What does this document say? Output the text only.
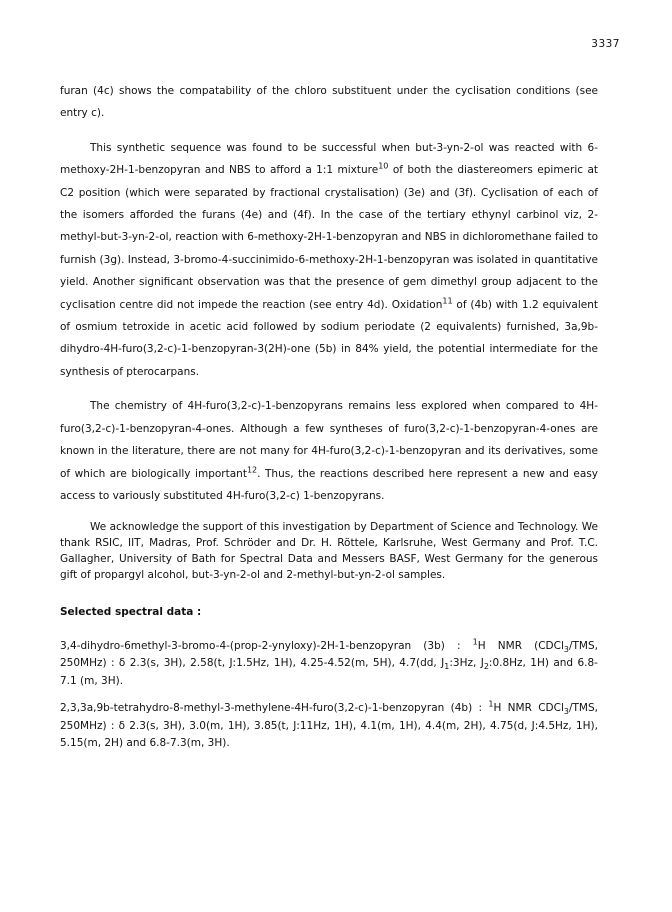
3337

furan (4c) shows the compatability of the chloro substituent under the cyclisation conditions (see entry c).

This synthetic sequence was found to be successful when but-3-yn-2-ol was reacted with 6-methoxy-2H-1-benzopyran and NBS to afford a 1:1 mixture$^{10}$ of both the diastereomers epimeric at C2 position (which were separated by fractional crystalisation) (3e) and (3f). Cyclisation of each of the isomers afforded the furans (4e) and (4f). In the case of the tertiary ethynyl carbinol viz, 2-methyl-but-3-yn-2-ol, reaction with 6-methoxy-2H-1-benzopyran and NBS in dichloromethane failed to furnish (3g). Instead, 3-bromo-4-succinimido-6-methoxy-2H-1-benzopyran was isolated in quantitative yield. Another significant observation was that the presence of gem dimethyl group adjacent to the cyclisation centre did not impede the reaction (see entry 4d). Oxidation$^{11}$ of (4b) with 1.2 equivalent of osmium tetroxide in acetic acid followed by sodium periodate (2 equivalents) furnished, 3a,9b-dihydro-4H-furo(3,2-c)-1-benzopyran-3(2H)-one (5b) in 84% yield, the potential intermediate for the synthesis of pterocarpans.

The chemistry of 4H-furo(3,2-c)-1-benzopyrans remains less explored when compared to 4H-furo(3,2-c)-1-benzopyran-4-ones. Although a few syntheses of furo(3,2-c)-1-benzopyran-4-ones are known in the literature, there are not many for 4H-furo(3,2-c)-1-benzopyran and its derivatives, some of which are biologically important$^{12}$. Thus, the reactions described here represent a new and easy access to variously substituted 4H-furo(3,2-c) 1-benzopyrans.

We acknowledge the support of this investigation by Department of Science and Technology. We thank RSIC, IIT, Madras, Prof. Schröder and Dr. H. Röttele, Karlsruhe, West Germany and Prof. T.C. Gallagher, University of Bath for Spectral Data and Messers BASF, West Germany for the generous gift of propargyl alcohol, but-3-yn-2-ol and 2-methyl-but-yn-2-ol samples.

Selected spectral data :

3,4-dihydro-6methyl-3-bromo-4-(prop-2-ynyloxy)-2H-1-benzopyran (3b) : $^1$H NMR (CDCl$_3$/TMS, 250MHz) : δ 2.3(s, 3H), 2.58(t, J:1.5Hz, 1H), 4.25-4.52(m, 5H), 4.7(dd, $J_1:3Hz$, $J_2:0.8Hz$, 1H) and 6.8-7.1 (m, 3H).

2,3,3a,9b-tetrahydro-8-methyl-3-methylene-4H-furo(3,2-c)-1-benzopyran (4b) : $^1$H NMR CDCl$_3$/TMS, 250MHz) : δ 2.3(s, 3H), 3.0(m, 1H), 3.85(t, J:11Hz, 1H), 4.1(m, 1H), 4.4(m, 2H), 4.75(d, J:4.5Hz, 1H), 5.15(m, 2H) and 6.8-7.3(m, 3H).
